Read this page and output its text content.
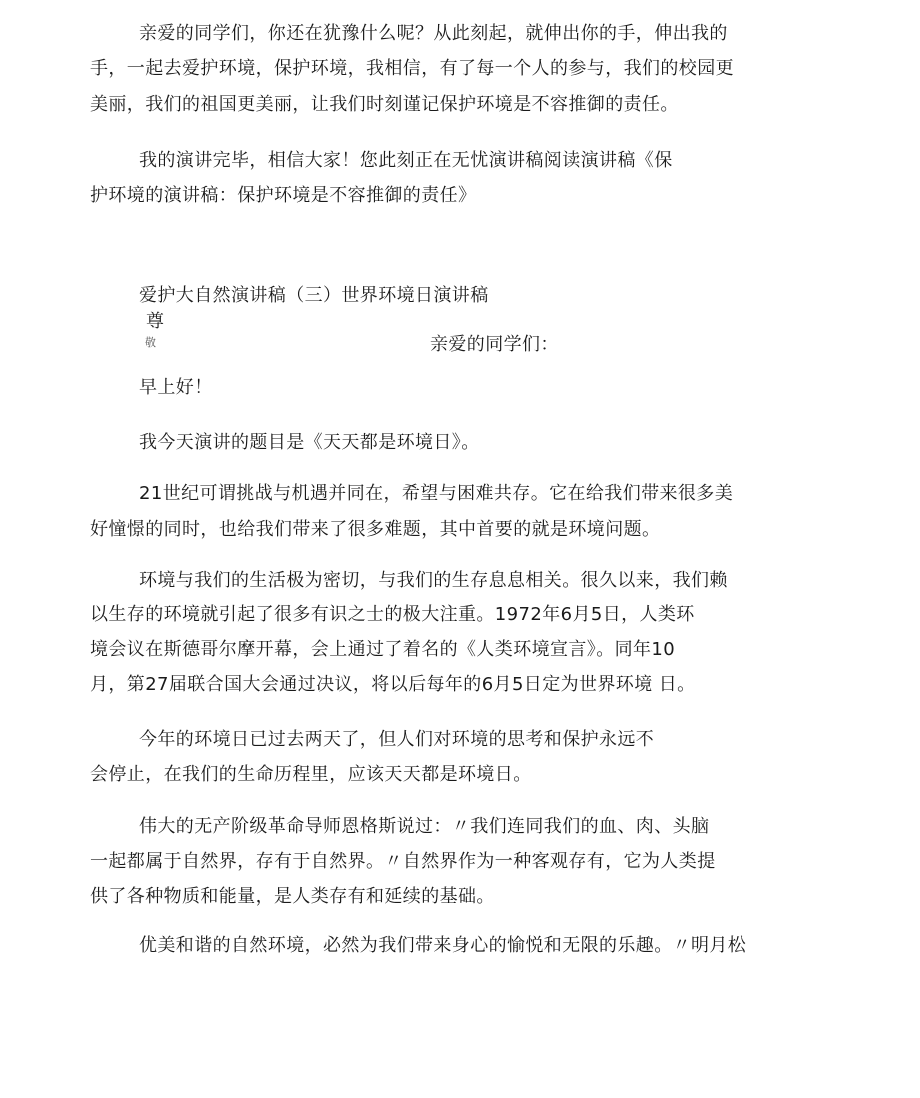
亲爱的同学们，你还在犹豫什么呢？从此刻起，就伸出你的手，伸出我的
手，一起去爱护环境，保护环境，我相信，有了每一个人的参与，我们的校园更
美丽，我们的祖国更美丽，让我们时刻谨记保护环境是不容推御的责任。
我的演讲完毕，相信大家！您此刻正在无忧演讲稿阅读演讲稿《保
护环境的演讲稿：保护环境是不容推御的责任》
爱护大自然演讲稿（三）世界环境日演讲稿
尊
敬	亲爱的同学们：
早上好！
我今天演讲的题目是《天天都是环境日》。
21世纪可谓挑战与机遇并同在，希望与困难共存。它在给我们带来很多美
好憧憬的同时，也给我们带来了很多难题，其中首要的就是环境问题。
环境与我们的生活极为密切，与我们的生存息息相关。很久以来，我们赖
以生存的环境就引起了很多有识之士的极大注重。1972年6月5日，人类环
境会议在斯德哥尔摩开幕，会上通过了着名的《人类环境宣言》。同年10
月，第27届联合国大会通过决议，将以后每年的6月5日定为世界环境 日。
今年的环境日已过去两天了，但人们对环境的思考和保护永远不
会停止，在我们的生命历程里，应该天天都是环境日。
伟大的无产阶级革命导师恩格斯说过：〃我们连同我们的血、肉、头脑
一起都属于自然界，存有于自然界。〃自然界作为一种客观存有，它为人类提
供了各种物质和能量，是人类存有和延续的基础。
优美和谐的自然环境，必然为我们带来身心的愉悦和无限的乐趣。〃明月松
